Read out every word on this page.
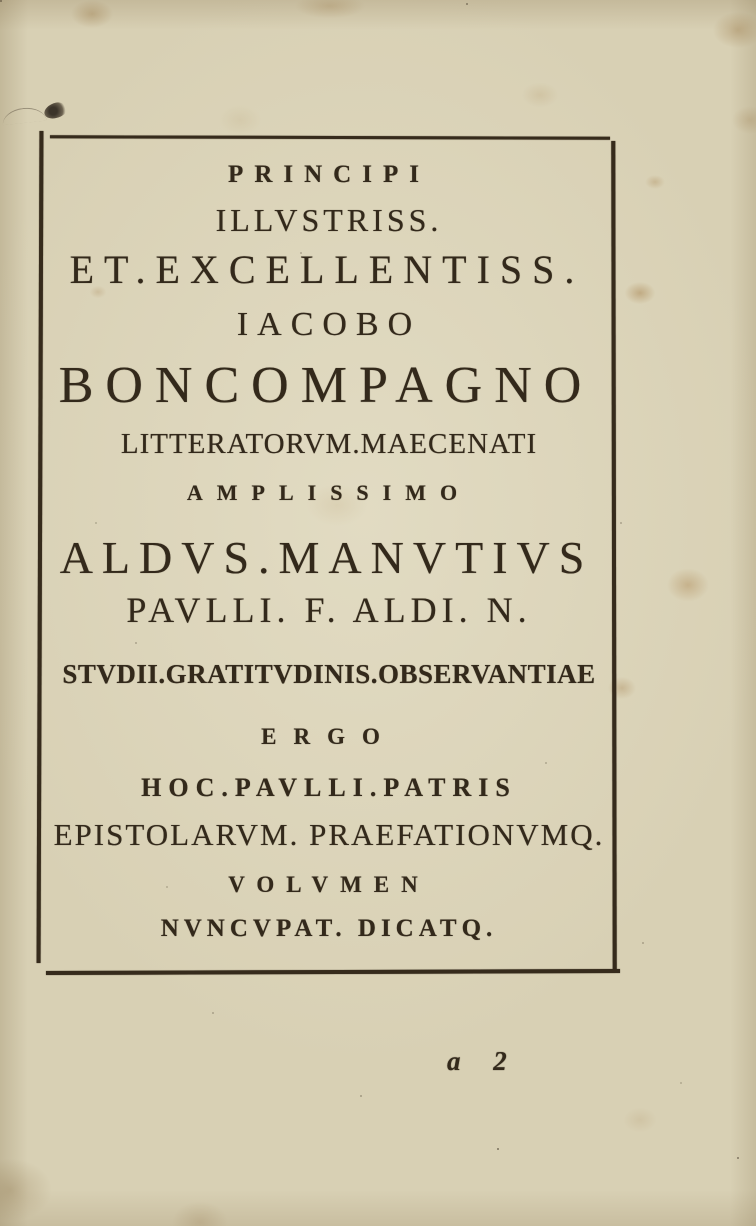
PRINCIPI
ILLVSTRISS.
ET.EXCELLENTISS.
IACOBO
BONCOMPAGNO
LITTERATORVM.MAECENATI
AMPLISSIMO
ALDVS.MANVTIVS
PAVLLI. F. ALDI. N.
STVDII.GRATITVDINIS.OBSERVANTIAE
ERGO
HOC.PAVLLI.PATRIS
EPISTOLARVM. PRAEFATIONVMQ.
VOLVMEN
NVNCVPAT. DICATQ.
a 2
